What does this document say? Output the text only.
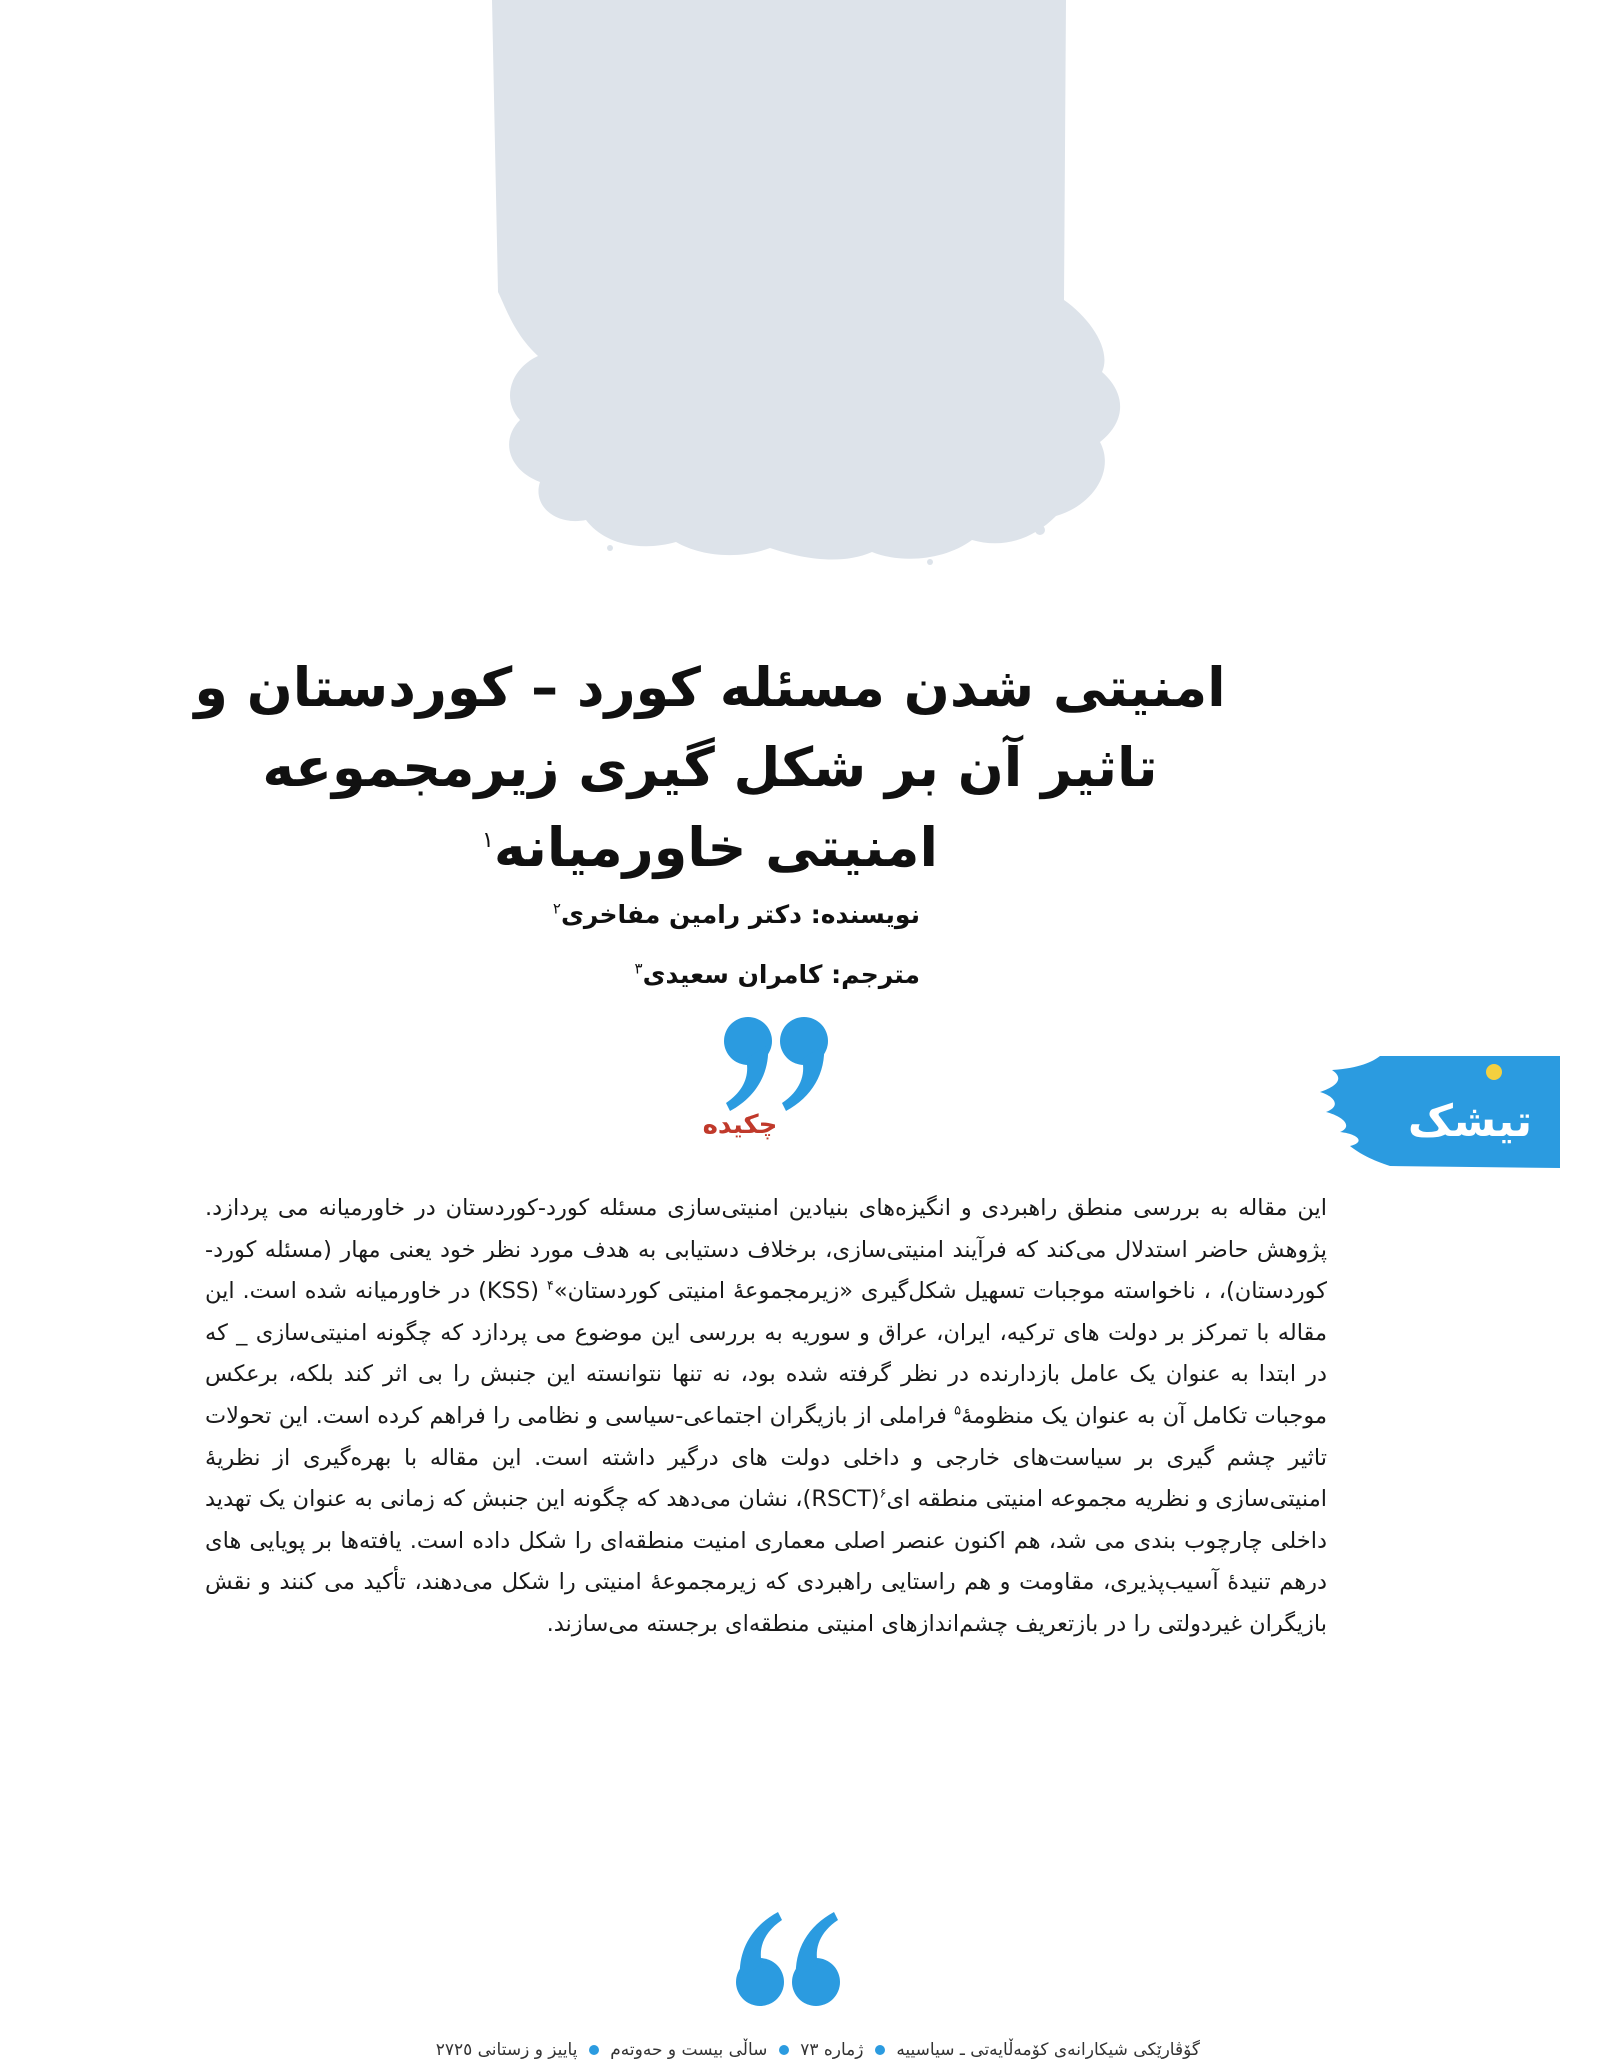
امنیتی شدن مسئله کورد – کوردستان و
تاثیر آن بر شکل گیری زیرمجموعه
امنیتی خاورمیانه$^۱$
نویسنده: دکتر رامین مفاخری$^۲$
مترجم: کامران سعیدی$^۳$
چکیده	تیشک
این مقاله به بررسی منطق راهبردی و انگیزه‌های بنیادین امنیتی‌سازی مسئله کورد-کوردستان در خاورمیانه می پردازد. پژوهش حاضر استدلال می‌کند که فرآیند امنیتی‌سازی، برخلاف دستیابی به هدف مورد نظر خود یعنی مهار (مسئله کورد- کوردستان)، ، ناخواسته موجبات تسهیل شکل‌گیری «زیرمجموعهٔ امنیتی کوردستان»$^۴$ (KSS) در خاورمیانه شده است. این مقاله با تمرکز بر دولت های ترکیه، ایران، عراق و سوریه به بررسی این موضوع می پردازد که چگونه امنیتی‌سازی _ که در ابتدا به عنوان یک عامل بازدارنده در نظر گرفته شده بود، نه تنها نتوانسته این جنبش را بی اثر کند بلکه، برعکس موجبات تکامل آن به عنوان یک منظومهٔ$^۵$ فراملی از بازیگران اجتماعی-سیاسی و نظامی را فراهم کرده است. این تحولات تاثیر چشم گیری بر سیاست‌های خارجی و داخلی دولت های درگیر داشته است. این مقاله با بهره‌گیری از نظریهٔ امنیتی‌سازی و نظریه مجموعه امنیتی منطقه ای$^۶$(RSCT)، نشان می‌دهد که چگونه این جنبش که زمانی به عنوان یک تهدید داخلی چارچوب بندی می شد، هم اکنون عنصر اصلی معماری امنیت منطقه‌ای را شکل داده است. یافته‌ها بر پویایی های درهم تنیدهٔ آسیب‌پذیری، مقاومت و هم راستایی راهبردی که زیرمجموعهٔ امنیتی را شکل می‌دهند، تأکید می کنند و نقش بازیگران غیردولتی را در بازتعریف چشم‌اندازهای امنیتی منطقه‌ای برجسته می‌سازند.
گۆڤارێکی شیکارانەی کۆمەڵایەتی ـ سیاسییە  ژمارە ٧٣  ساڵی بیست و حەوتەم  پاییز و زستانی ٢٧٢٥
